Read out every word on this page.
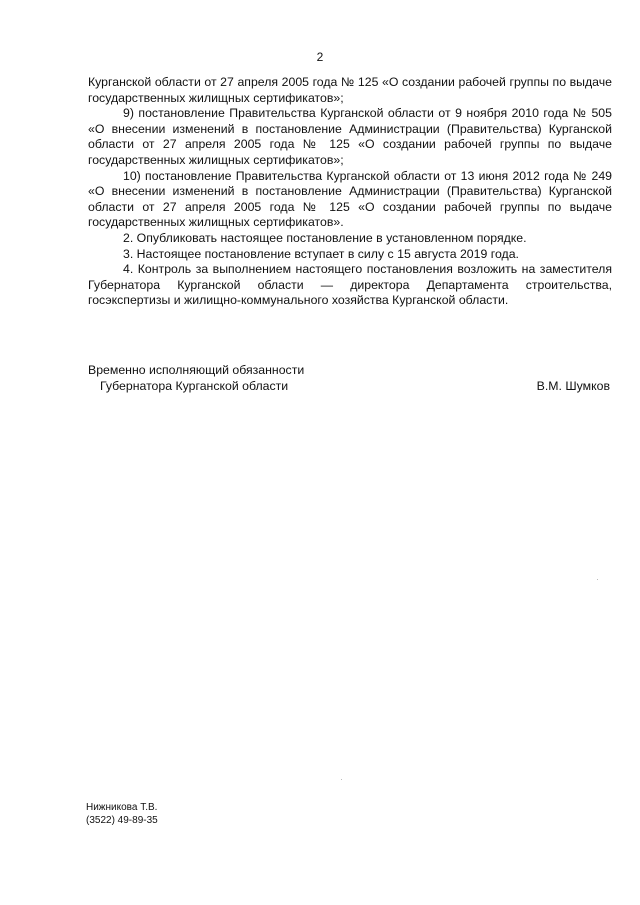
2

Курганской области от 27 апреля 2005 года № 125 «О создании рабочей группы по выдаче государственных жилищных сертификатов»;

9) постановление Правительства Курганской области от 9 ноября 2010 года № 505 «О внесении изменений в постановление Администрации (Правительства) Курганской области от 27 апреля 2005 года № 125 «О создании рабочей группы по выдаче государственных жилищных сертификатов»;

10) постановление Правительства Курганской области от 13 июня 2012 года № 249 «О внесении изменений в постановление Администрации (Правительства) Курганской области от 27 апреля 2005 года № 125 «О создании рабочей группы по выдаче государственных жилищных сертификатов».

2. Опубликовать настоящее постановление в установленном порядке.

3. Настоящее постановление вступает в силу с 15 августа 2019 года.

4. Контроль за выполнением настоящего постановления возложить на заместителя Губернатора Курганской области — директора Департамента строительства, госэкспертизы и жилищно-коммунального хозяйства Курганской области.

Временно исполняющий обязанности
Губернатора Курганской области	В.М. Шумков
Нижникова Т.В.
(3522) 49-89-35
